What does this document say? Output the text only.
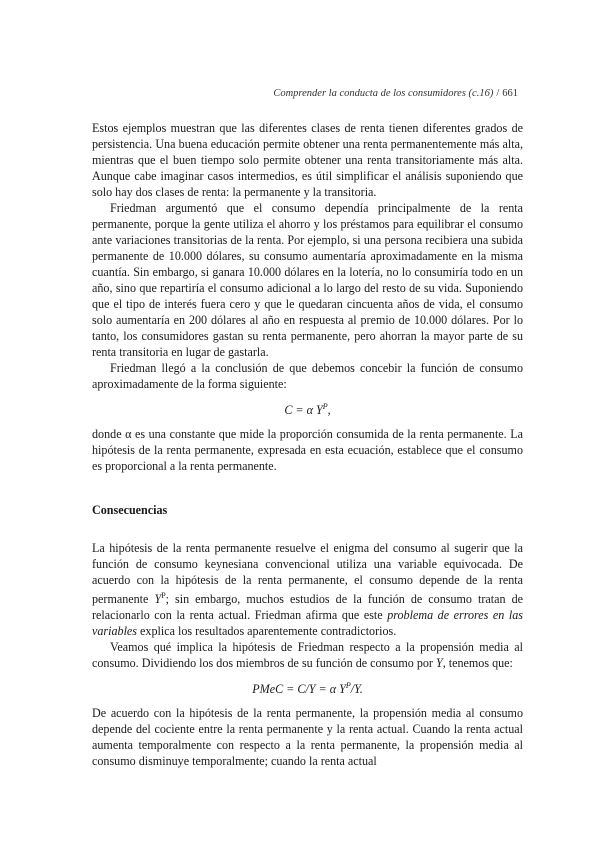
Comprender la conducta de los consumidores (c.16) / 661

Estos ejemplos muestran que las diferentes clases de renta tienen diferentes grados de persistencia. Una buena educación permite obtener una renta permanentemente más alta, mientras que el buen tiempo solo permite obtener una renta transitoriamente más alta. Aunque cabe imaginar casos intermedios, es útil simplificar el análisis suponiendo que solo hay dos clases de renta: la permanente y la transitoria.

Friedman argumentó que el consumo dependía principalmente de la renta permanente, porque la gente utiliza el ahorro y los préstamos para equilibrar el consumo ante variaciones transitorias de la renta. Por ejemplo, si una persona recibiera una subida permanente de 10.000 dólares, su consumo aumentaría aproximadamente en la misma cuantía. Sin embargo, si ganara 10.000 dólares en la lotería, no lo consumiría todo en un año, sino que repartiría el consumo adicional a lo largo del resto de su vida. Suponiendo que el tipo de interés fuera cero y que le quedaran cincuenta años de vida, el consumo solo aumentaría en 200 dólares al año en respuesta al premio de 10.000 dólares. Por lo tanto, los consumidores gastan su renta permanente, pero ahorran la mayor parte de su renta transitoria en lugar de gastarla.

Friedman llegó a la conclusión de que debemos concebir la función de consumo aproximadamente de la forma siguiente:

C = α $Y^P$,

donde α es una constante que mide la proporción consumida de la renta permanente. La hipótesis de la renta permanente, expresada en esta ecuación, establece que el consumo es proporcional a la renta permanente.

Consecuencias

La hipótesis de la renta permanente resuelve el enigma del consumo al sugerir que la función de consumo keynesiana convencional utiliza una variable equivocada. De acuerdo con la hipótesis de la renta permanente, el consumo depende de la renta permanente $Y^P$; sin embargo, muchos estudios de la función de consumo tratan de relacionarlo con la renta actual. Friedman afirma que este problema de errores en las variables explica los resultados aparentemente contradictorios.

Veamos qué implica la hipótesis de Friedman respecto a la propensión media al consumo. Dividiendo los dos miembros de su función de consumo por Y, tenemos que:

PMeC = C/Y = α $Y^P/Y$.

De acuerdo con la hipótesis de la renta permanente, la propensión media al consumo depende del cociente entre la renta permanente y la renta actual. Cuando la renta actual aumenta temporalmente con respecto a la renta permanente, la propensión media al consumo disminuye temporalmente; cuando la renta actual
